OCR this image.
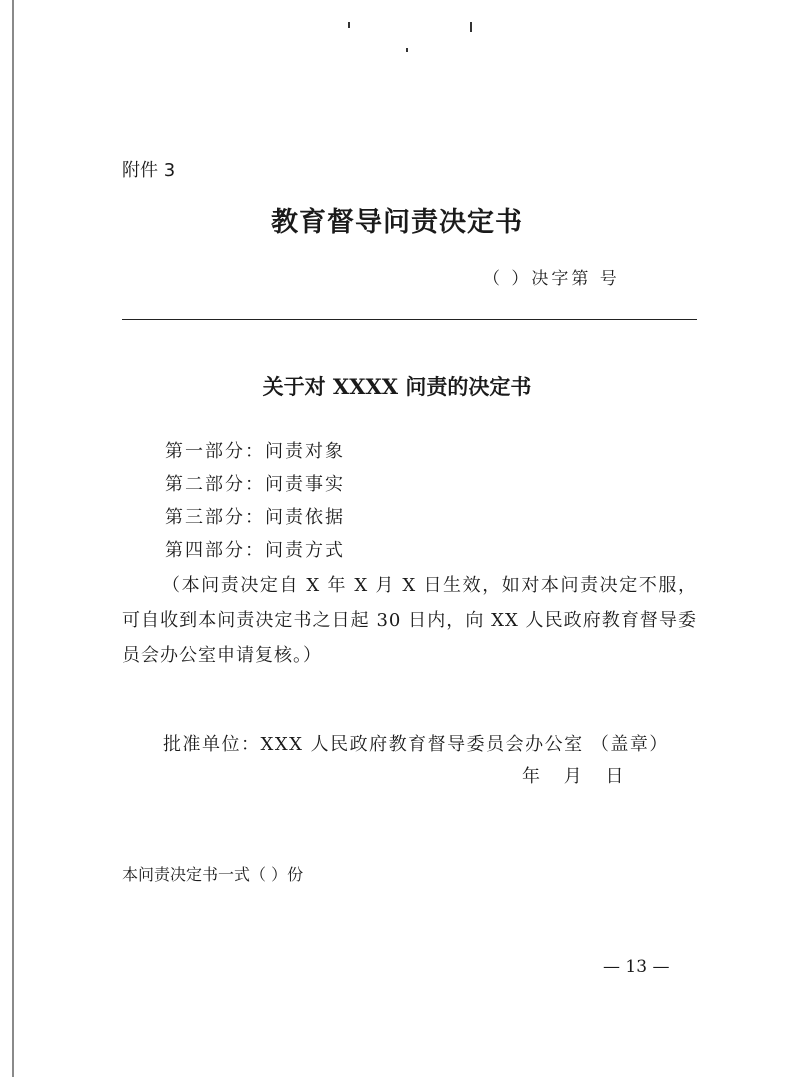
附件 3
教育督导问责决定书
（ ）决字第 号
关于对 XXXX 问责的决定书
第一部分：问责对象
第二部分：问责事实
第三部分：问责依据
第四部分：问责方式
（本问责决定自 X 年 X 月 X 日生效，如对本问责决定不服，可自收到本问责决定书之日起 30 日内，向 XX 人民政府教育督导委员会办公室申请复核。）
批准单位：XXX 人民政府教育督导委员会办公室 （盖章）
年 月 日
本问责决定书一式（ ）份
— 13 —
